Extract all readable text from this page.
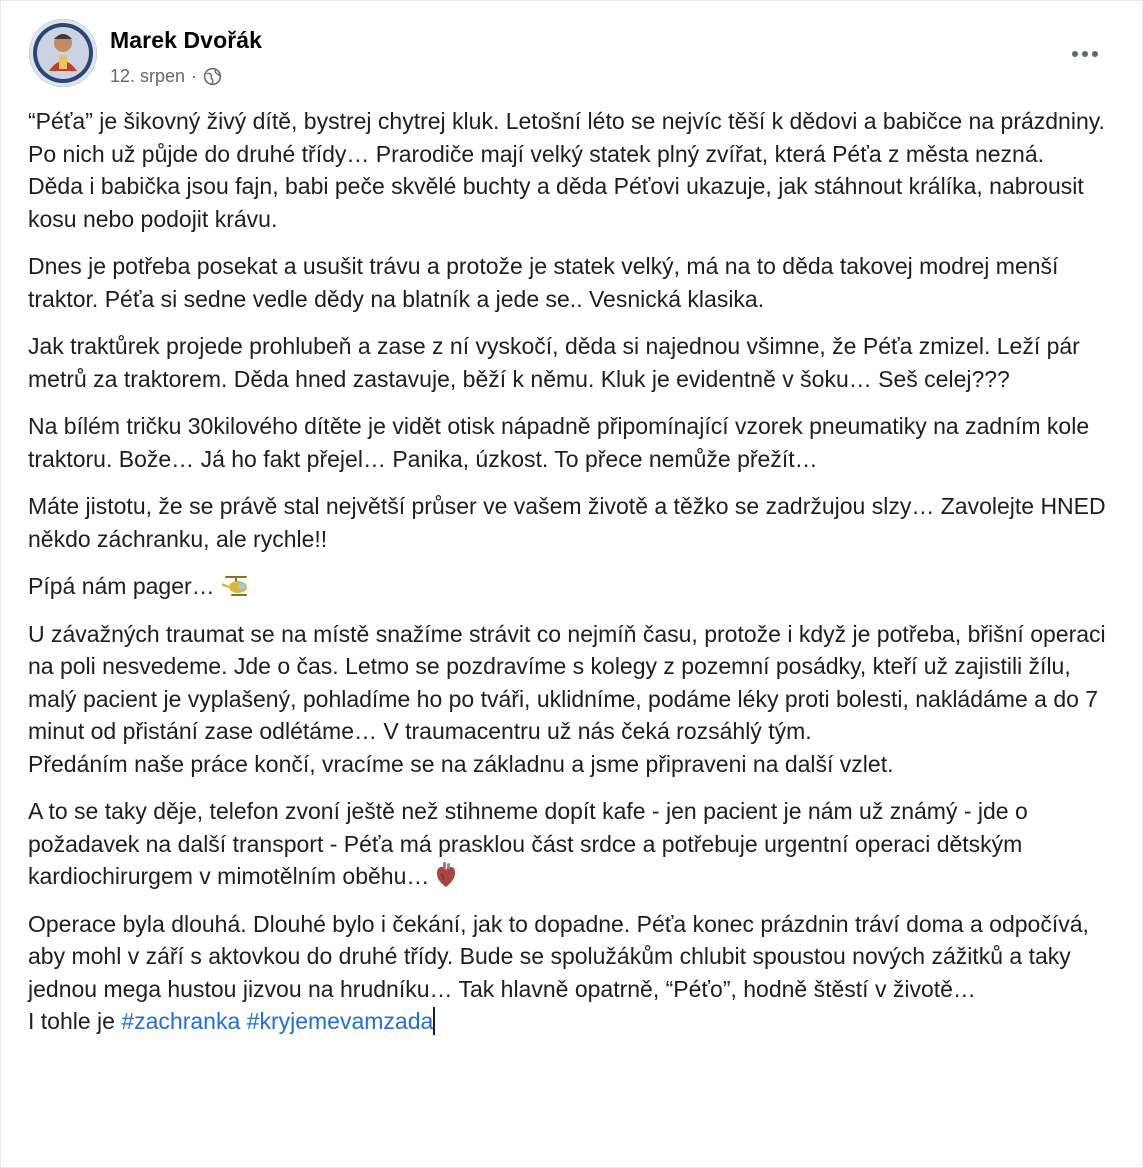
Marek Dvořák
12. srpen ·
“Péťa” je šikovný živý dítě, bystrej chytrej kluk. Letošní léto se nejvíc těší k dědovi a babičce na prázdniny. Po nich už půjde do druhé třídy… Prarodiče mají velký statek plný zvířat, která Péťa z města nezná.
Děda i babička jsou fajn, babi peče skvělé buchty a děda Péťovi ukazuje, jak stáhnout králíka, nabrousit kosu nebo podojit krávu.
Dnes je potřeba posekat a usušit trávu a protože je statek velký, má na to děda takovej modrej menší traktor. Péťa si sedne vedle dědy na blatník a jede se.. Vesnická klasika.
Jak traktůrek projede prohlubeň a zase z ní vyskočí, děda si najednou všimne, že Péťa zmizel. Leží pár metrů za traktorem. Děda hned zastavuje, běží k němu. Kluk je evidentně v šoku… Seš celej???
Na bílém tričku 30kilového dítěte je vidět otisk nápadně připomínající vzorek pneumatiky na zadním kole traktoru. Bože… Já ho fakt přejel… Panika, úzkost. To přece nemůže přežít…
Máte jistotu, že se právě stal největší průser ve vašem životě a těžko se zadržujou slzy… Zavolejte HNED někdo záchranku, ale rychle!!
Pípá nám pager…
U závažných traumat se na místě snažíme strávit co nejmíň času, protože i když je potřeba, břišní operaci na poli nesvedeme. Jde o čas. Letmo se pozdravíme s kolegy z pozemní posádky, kteří už zajistili žílu, malý pacient je vyplašený, pohladíme ho po tváři, uklidníme, podáme léky proti bolesti, nakládáme a do 7 minut od přistání zase odlétáme… V traumacentru už nás čeká rozsáhlý tým.
Předáním naše práce končí, vracíme se na základnu a jsme připraveni na další vzlet.
A to se taky děje, telefon zvoní ještě než stihneme dopít kafe - jen pacient je nám už známý - jde o požadavek na další transport - Péťa má prasklou část srdce a potřebuje urgentní operaci dětským kardiochirurgem v mimotělním oběhu…
Operace byla dlouhá. Dlouhé bylo i čekání, jak to dopadne. Péťa konec prázdnin tráví doma a odpočívá, aby mohl v září s aktovkou do druhé třídy. Bude se spolužákům chlubit spoustou nových zážitků a taky jednou mega hustou jizvou na hrudníku… Tak hlavně opatrně, “Péťo”, hodně štěstí v životě…
I tohle je #zachranka #kryjemevamzada
